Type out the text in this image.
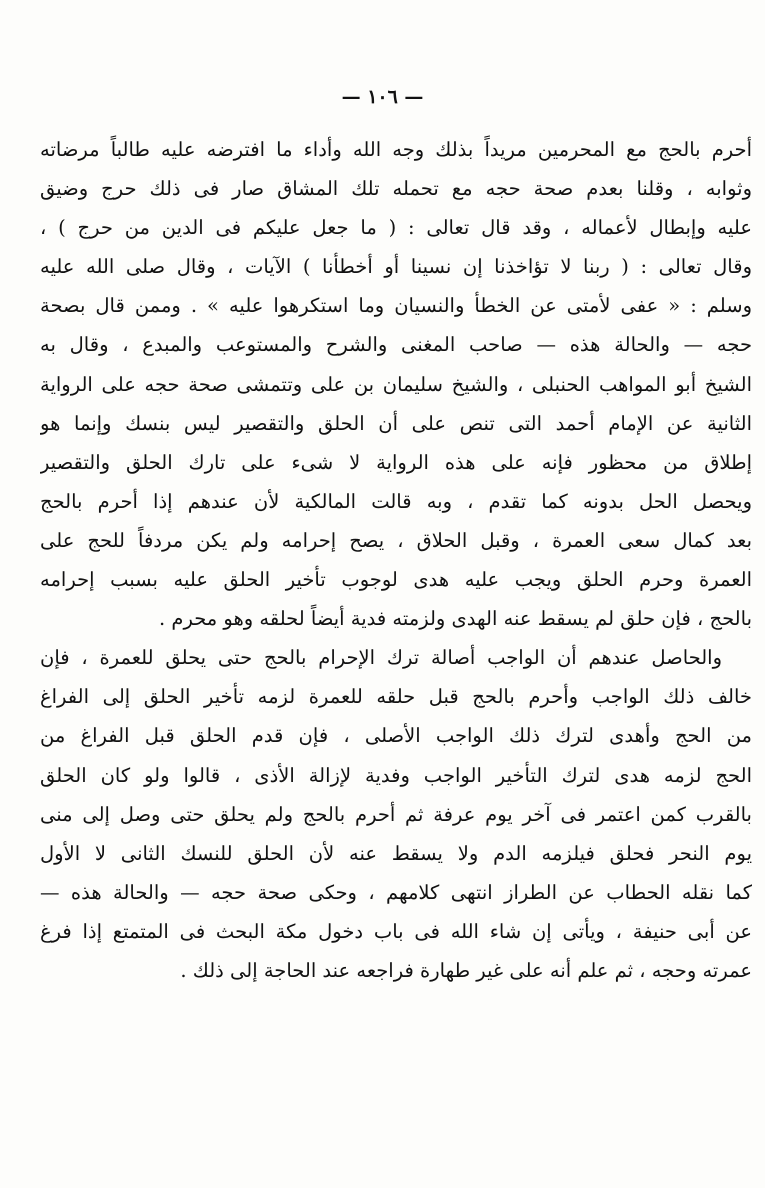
— ١٠٦ —
أحرم بالحج مع المحرمين مريداً بذلك وجه الله وأداء ما افترضه عليه طالباً مرضاته
وثوابه ، وقلنا بعدم صحة حجه مع تحمله تلك المشاق صار فى ذلك حرج وضيق
عليه وإبطال لأعماله ، وقد قال تعالى : ( ما جعل عليكم فى الدين من حرج ) ،
وقال تعالى : ( ربنا لا تؤاخذنا إن نسينا أو أخطأنا ) الآيات ، وقال صلى الله عليه
وسلم : « عفى لأمتى عن الخطأ والنسيان وما استكرهوا عليه » . وممن قال بصحة
حجه — والحالة هذه — صاحب المغنى والشرح والمستوعب والمبدع ، وقال به
الشيخ أبو المواهب الحنبلى ، والشيخ سليمان بن على وتتمشى صحة حجه على الرواية
الثانية عن الإمام أحمد التى تنص على أن الحلق والتقصير ليس بنسك وإنما هو
إطلاق من محظور فإنه على هذه الرواية لا شىء على تارك الحلق والتقصير
ويحصل الحل بدونه كما تقدم ، وبه قالت المالكية لأن عندهم إذا أحرم بالحج
بعد كمال سعى العمرة ، وقبل الحلاق ، يصح إحرامه ولم يكن مردفاً للحج على
العمرة وحرم الحلق ويجب عليه هدى لوجوب تأخير الحلق عليه بسبب إحرامه
بالحج ، فإن حلق لم يسقط عنه الهدى ولزمته فدية أيضاً لحلقه وهو محرم .
والحاصل عندهم أن الواجب أصالة ترك الإحرام بالحج حتى يحلق للعمرة ، فإن
خالف ذلك الواجب وأحرم بالحج قبل حلقه للعمرة لزمه تأخير الحلق إلى الفراغ
من الحج وأهدى لترك ذلك الواجب الأصلى ، فإن قدم الحلق قبل الفراغ من
الحج لزمه هدى لترك التأخير الواجب وفدية لإزالة الأذى ، قالوا ولو كان الحلق
بالقرب كمن اعتمر فى آخر يوم عرفة ثم أحرم بالحج ولم يحلق حتى وصل إلى منى
يوم النحر فحلق فيلزمه الدم ولا يسقط عنه لأن الحلق للنسك الثانى لا الأول
كما نقله الحطاب عن الطراز انتهى كلامهم ، وحكى صحة حجه — والحالة هذه —
عن أبى حنيفة ، ويأتى إن شاء الله فى باب دخول مكة البحث فى المتمتع إذا فرغ
عمرته وحجه ، ثم علم أنه على غير طهارة فراجعه عند الحاجة إلى ذلك .
